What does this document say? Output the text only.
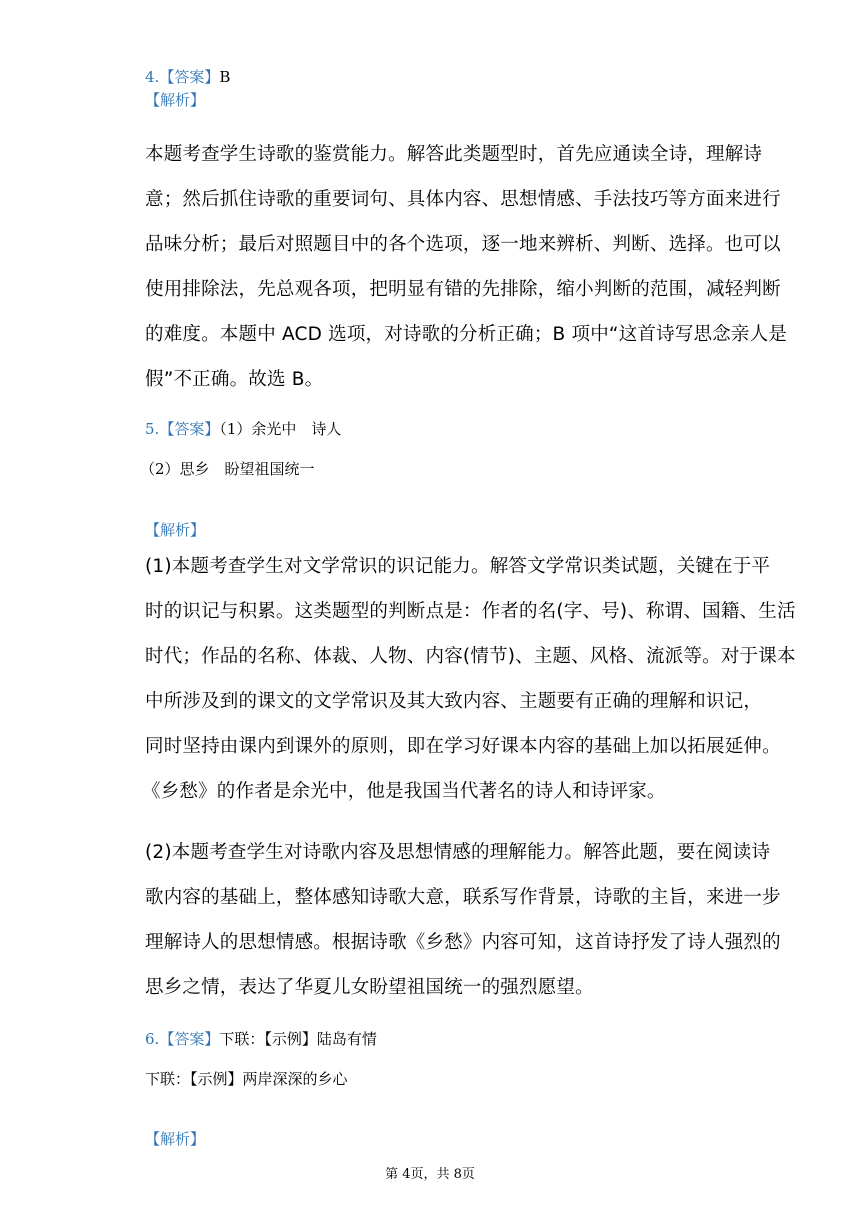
4.【答案】B
【解析】
本题考查学生诗歌的鉴赏能力。解答此类题型时，首先应通读全诗，理解诗
意；然后抓住诗歌的重要词句、具体内容、思想情感、手法技巧等方面来进行
品味分析；最后对照题目中的各个选项，逐一地来辨析、判断、选择。也可以
使用排除法，先总观各项，把明显有错的先排除，缩小判断的范围，减轻判断
的难度。本题中 ACD 选项，对诗歌的分析正确；B 项中“这首诗写思念亲人是
假”不正确。故选 B。
5.【答案】（1）余光中　诗人
（2）思乡　盼望祖国统一
【解析】
(1)本题考查学生对文学常识的识记能力。解答文学常识类试题，关键在于平
时的识记与积累。这类题型的判断点是：作者的名(字、号)、称谓、国籍、生活
时代；作品的名称、体裁、人物、内容(情节)、主题、风格、流派等。对于课本
中所涉及到的课文的文学常识及其大致内容、主题要有正确的理解和识记，
同时坚持由课内到课外的原则，即在学习好课本内容的基础上加以拓展延伸。
《乡愁》的作者是余光中，他是我国当代著名的诗人和诗评家。
(2)本题考查学生对诗歌内容及思想情感的理解能力。解答此题，要在阅读诗
歌内容的基础上，整体感知诗歌大意，联系写作背景，诗歌的主旨，来进一步
理解诗人的思想情感。根据诗歌《乡愁》内容可知，这首诗抒发了诗人强烈的
思乡之情，表达了华夏儿女盼望祖国统一的强烈愿望。
6.【答案】下联：【示例】陆岛有情
下联：【示例】两岸深深的乡心
【解析】
第 4页，共 8页
